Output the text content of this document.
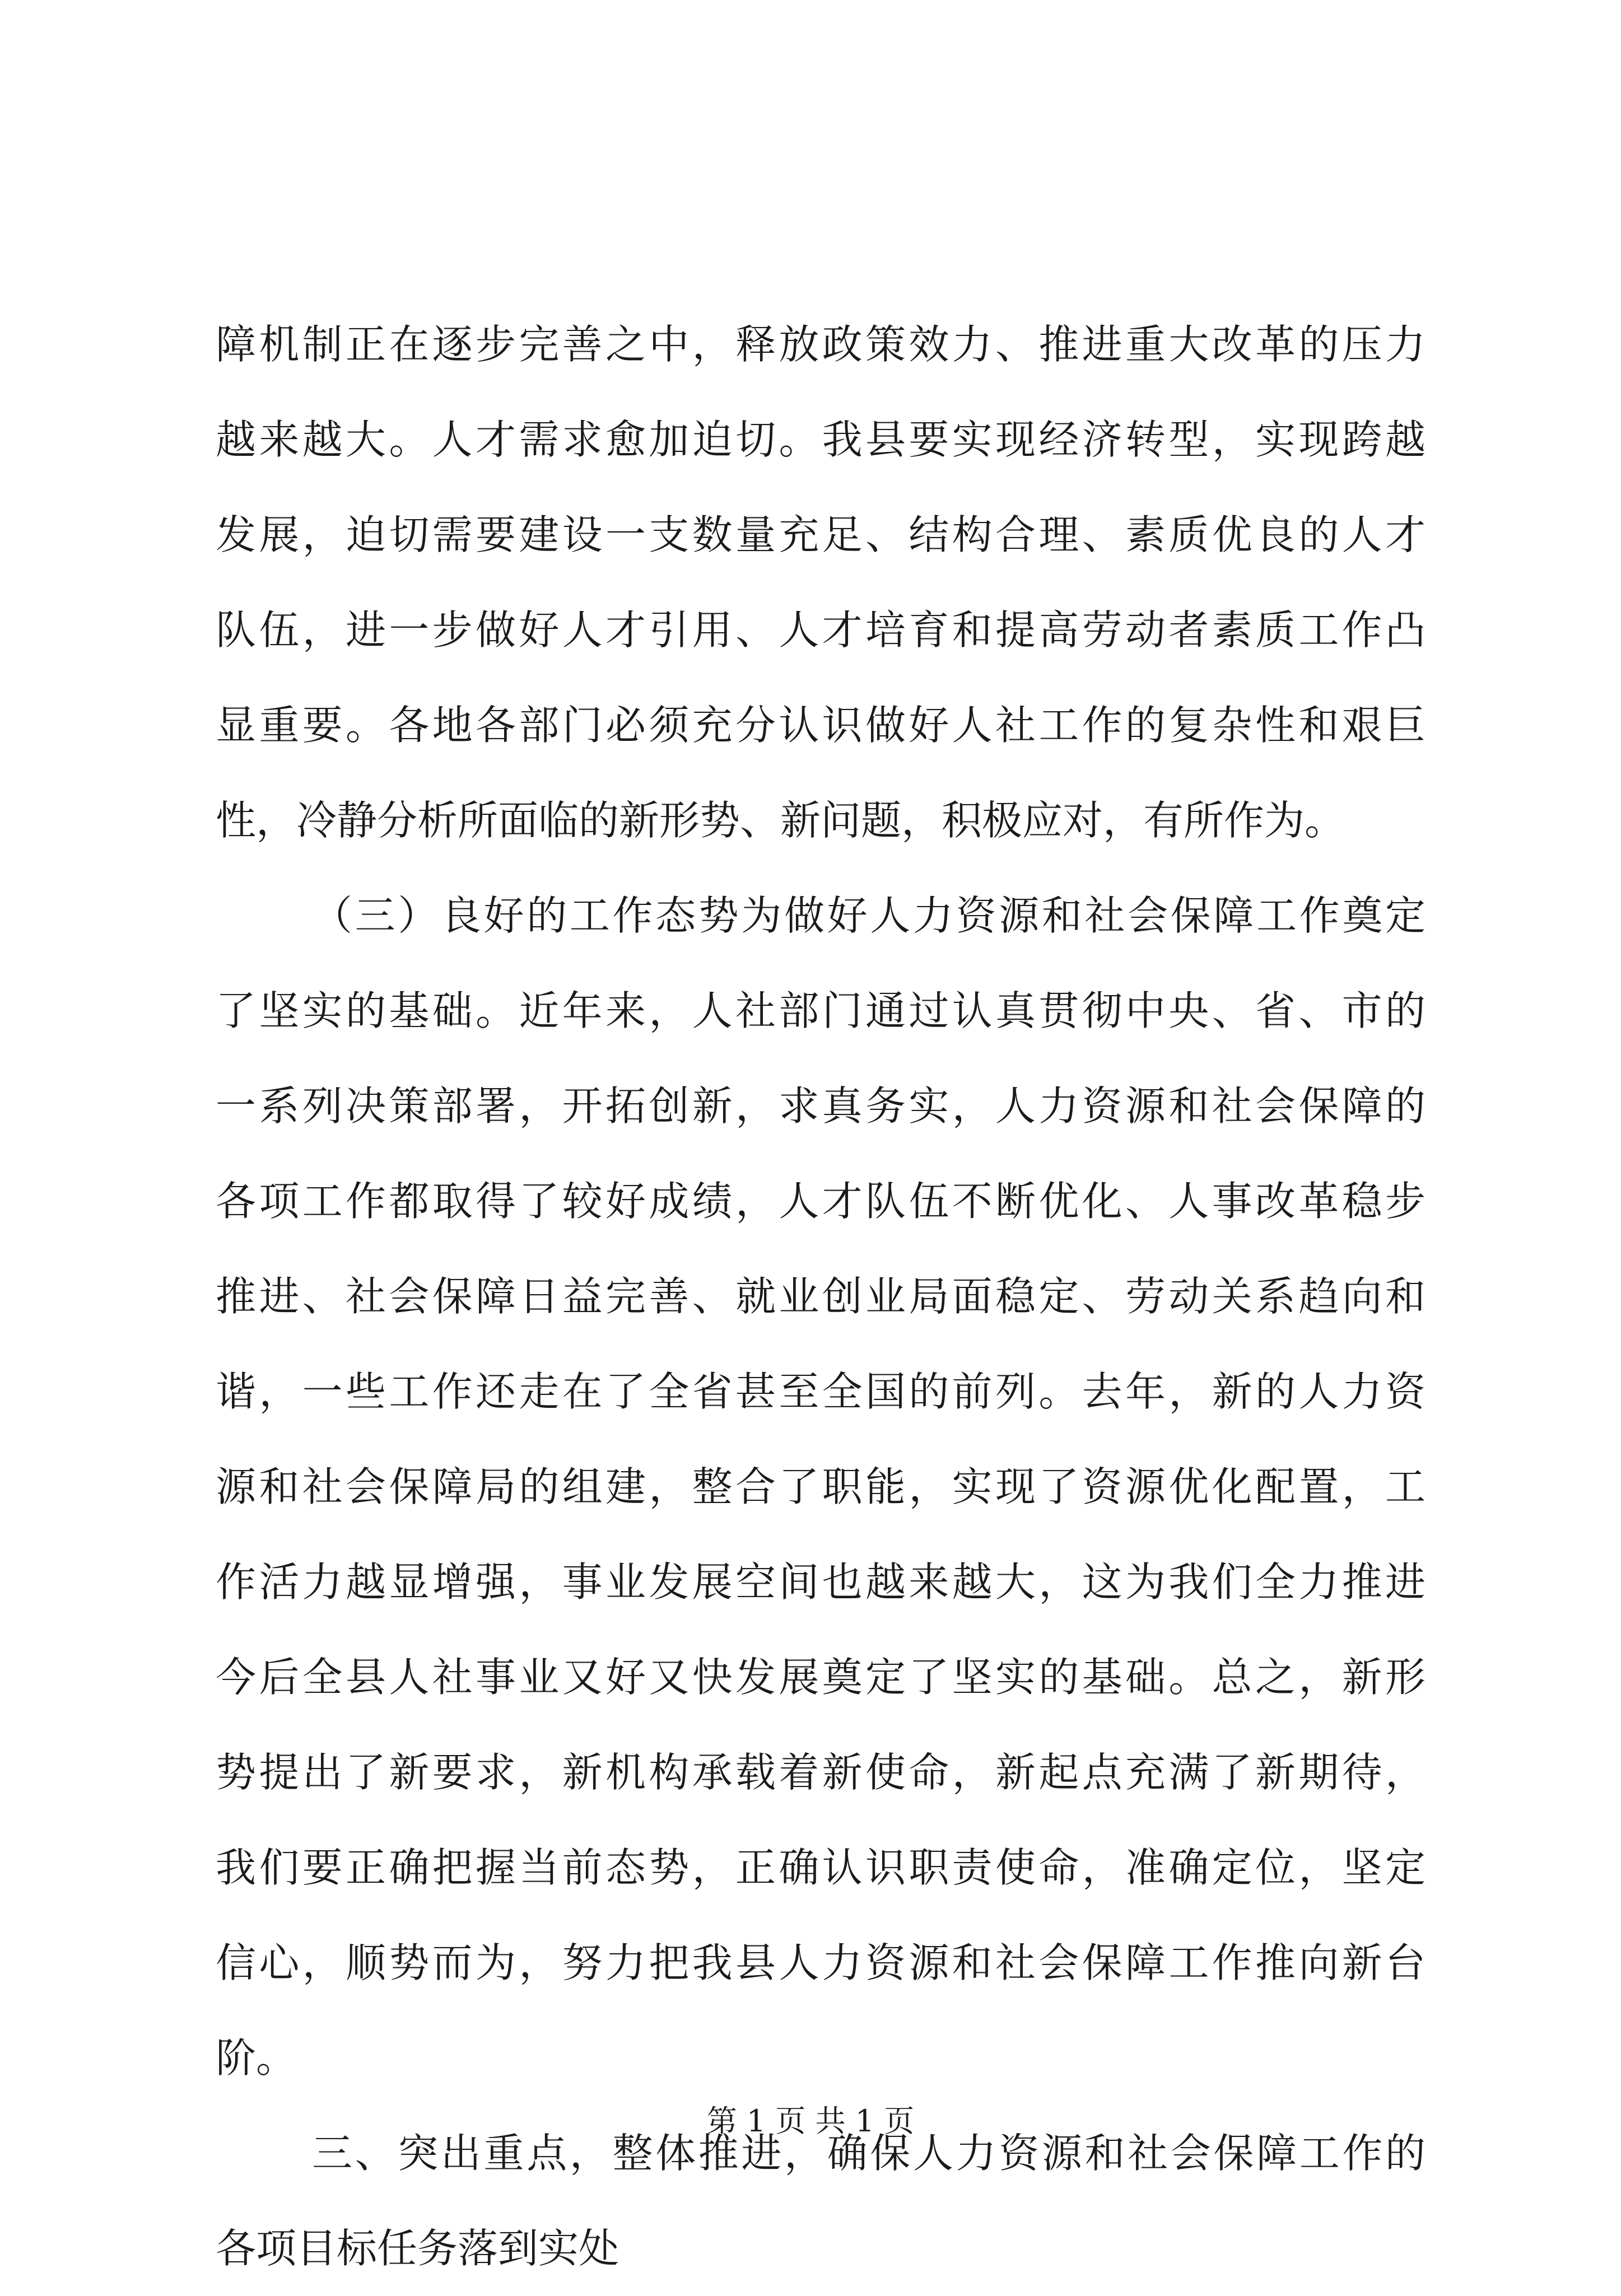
障机制正在逐步完善之中，释放政策效力、推进重大改革的压力
越来越大。人才需求愈加迫切。我县要实现经济转型，实现跨越
发展，迫切需要建设一支数量充足、结构合理、素质优良的人才
队伍，进一步做好人才引用、人才培育和提高劳动者素质工作凸
显重要。各地各部门必须充分认识做好人社工作的复杂性和艰巨
性，冷静分析所面临的新形势、新问题，积极应对，有所作为。
（三）良好的工作态势为做好人力资源和社会保障工作奠定
了坚实的基础。近年来，人社部门通过认真贯彻中央、省、市的
一系列决策部署，开拓创新，求真务实，人力资源和社会保障的
各项工作都取得了较好成绩，人才队伍不断优化、人事改革稳步
推进、社会保障日益完善、就业创业局面稳定、劳动关系趋向和
谐，一些工作还走在了全省甚至全国的前列。去年，新的人力资
源和社会保障局的组建，整合了职能，实现了资源优化配置，工
作活力越显增强，事业发展空间也越来越大，这为我们全力推进
今后全县人社事业又好又快发展奠定了坚实的基础。总之，新形
势提出了新要求，新机构承载着新使命，新起点充满了新期待，
我们要正确把握当前态势，正确认识职责使命，准确定位，坚定
信心，顺势而为，努力把我县人力资源和社会保障工作推向新台
阶。
三、突出重点，整体推进，确保人力资源和社会保障工作的
各项目标任务落到实处
第 1 页 共 1 页
